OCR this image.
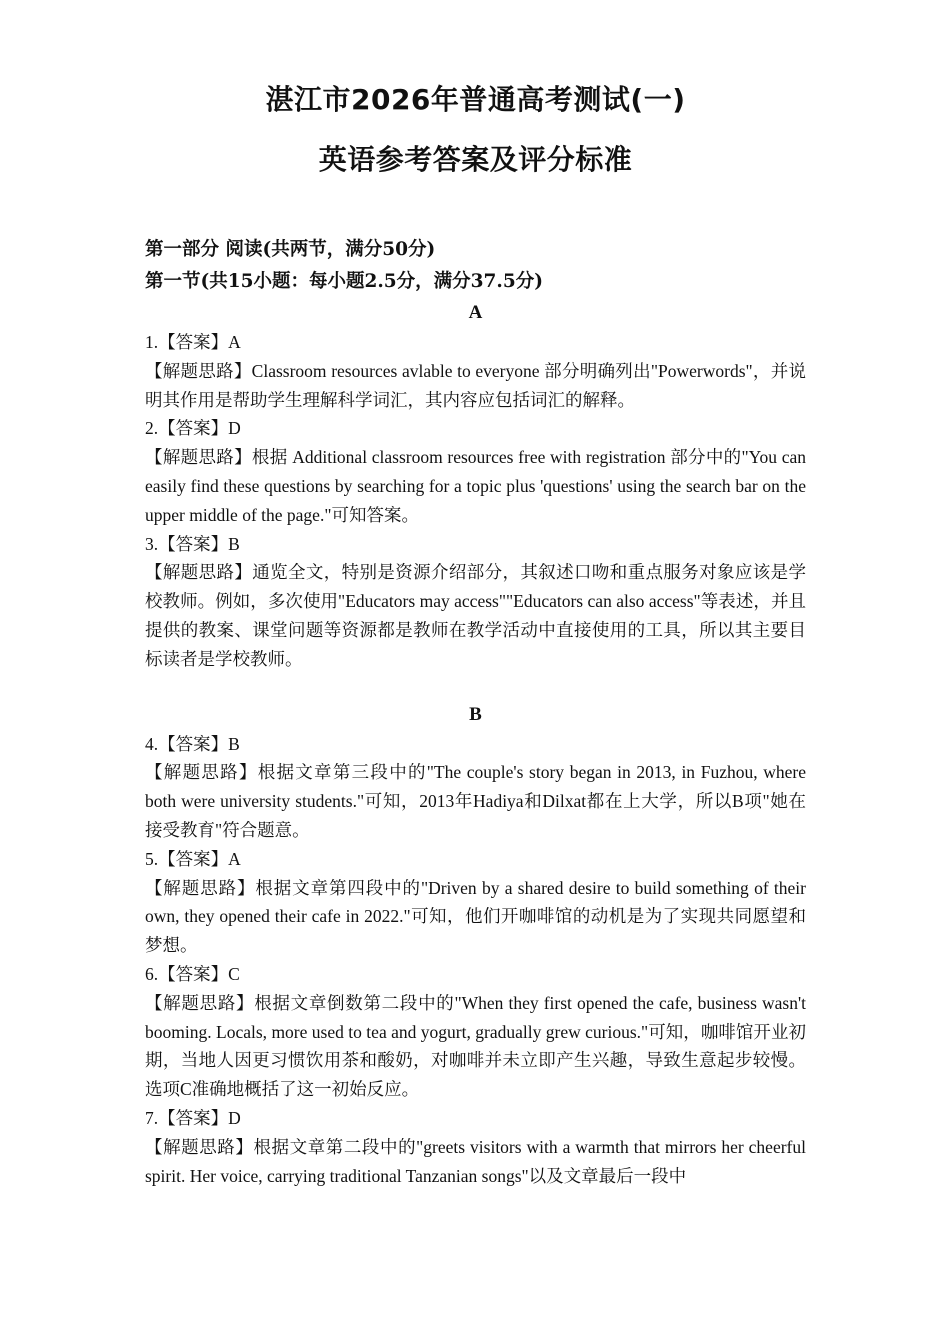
湛江市2026年普通高考测试(一)
英语参考答案及评分标准
第一部分 阅读(共两节，满分50分)
第一节(共15小题：每小题2.5分，满分37.5分)
A
1.【答案】A
【解题思路】Classroom resources avlable to everyone 部分明确列出"Powerwords"，并说明其作用是帮助学生理解科学词汇，其内容应包括词汇的解释。
2.【答案】D
【解题思路】根据 Additional classroom resources free with registration 部分中的"You can easily find these questions by searching for a topic plus 'questions' using the search bar on the upper middle of the page."可知答案。
3.【答案】B
【解题思路】通览全文，特别是资源介绍部分，其叙述口吻和重点服务对象应该是学校教师。例如，多次使用"Educators may access""Educators can also access"等表述，并且提供的教案、课堂问题等资源都是教师在教学活动中直接使用的工具，所以其主要目标读者是学校教师。
B
4.【答案】B
【解题思路】根据文章第三段中的"The couple's story began in 2013, in Fuzhou, where both were university students."可知，2013年Hadiya和Dilxat都在上大学，所以B项"她在接受教育"符合题意。
5.【答案】A
【解题思路】根据文章第四段中的"Driven by a shared desire to build something of their own, they opened their cafe in 2022."可知，他们开咖啡馆的动机是为了实现共同愿望和梦想。
6.【答案】C
【解题思路】根据文章倒数第二段中的"When they first opened the cafe, business wasn't booming. Locals, more used to tea and yogurt, gradually grew curious."可知，咖啡馆开业初期，当地人因更习惯饮用茶和酸奶，对咖啡并未立即产生兴趣，导致生意起步较慢。选项C准确地概括了这一初始反应。
7.【答案】D
【解题思路】根据文章第二段中的"greets visitors with a warmth that mirrors her cheerful spirit. Her voice, carrying traditional Tanzanian songs"以及文章最后一段中
